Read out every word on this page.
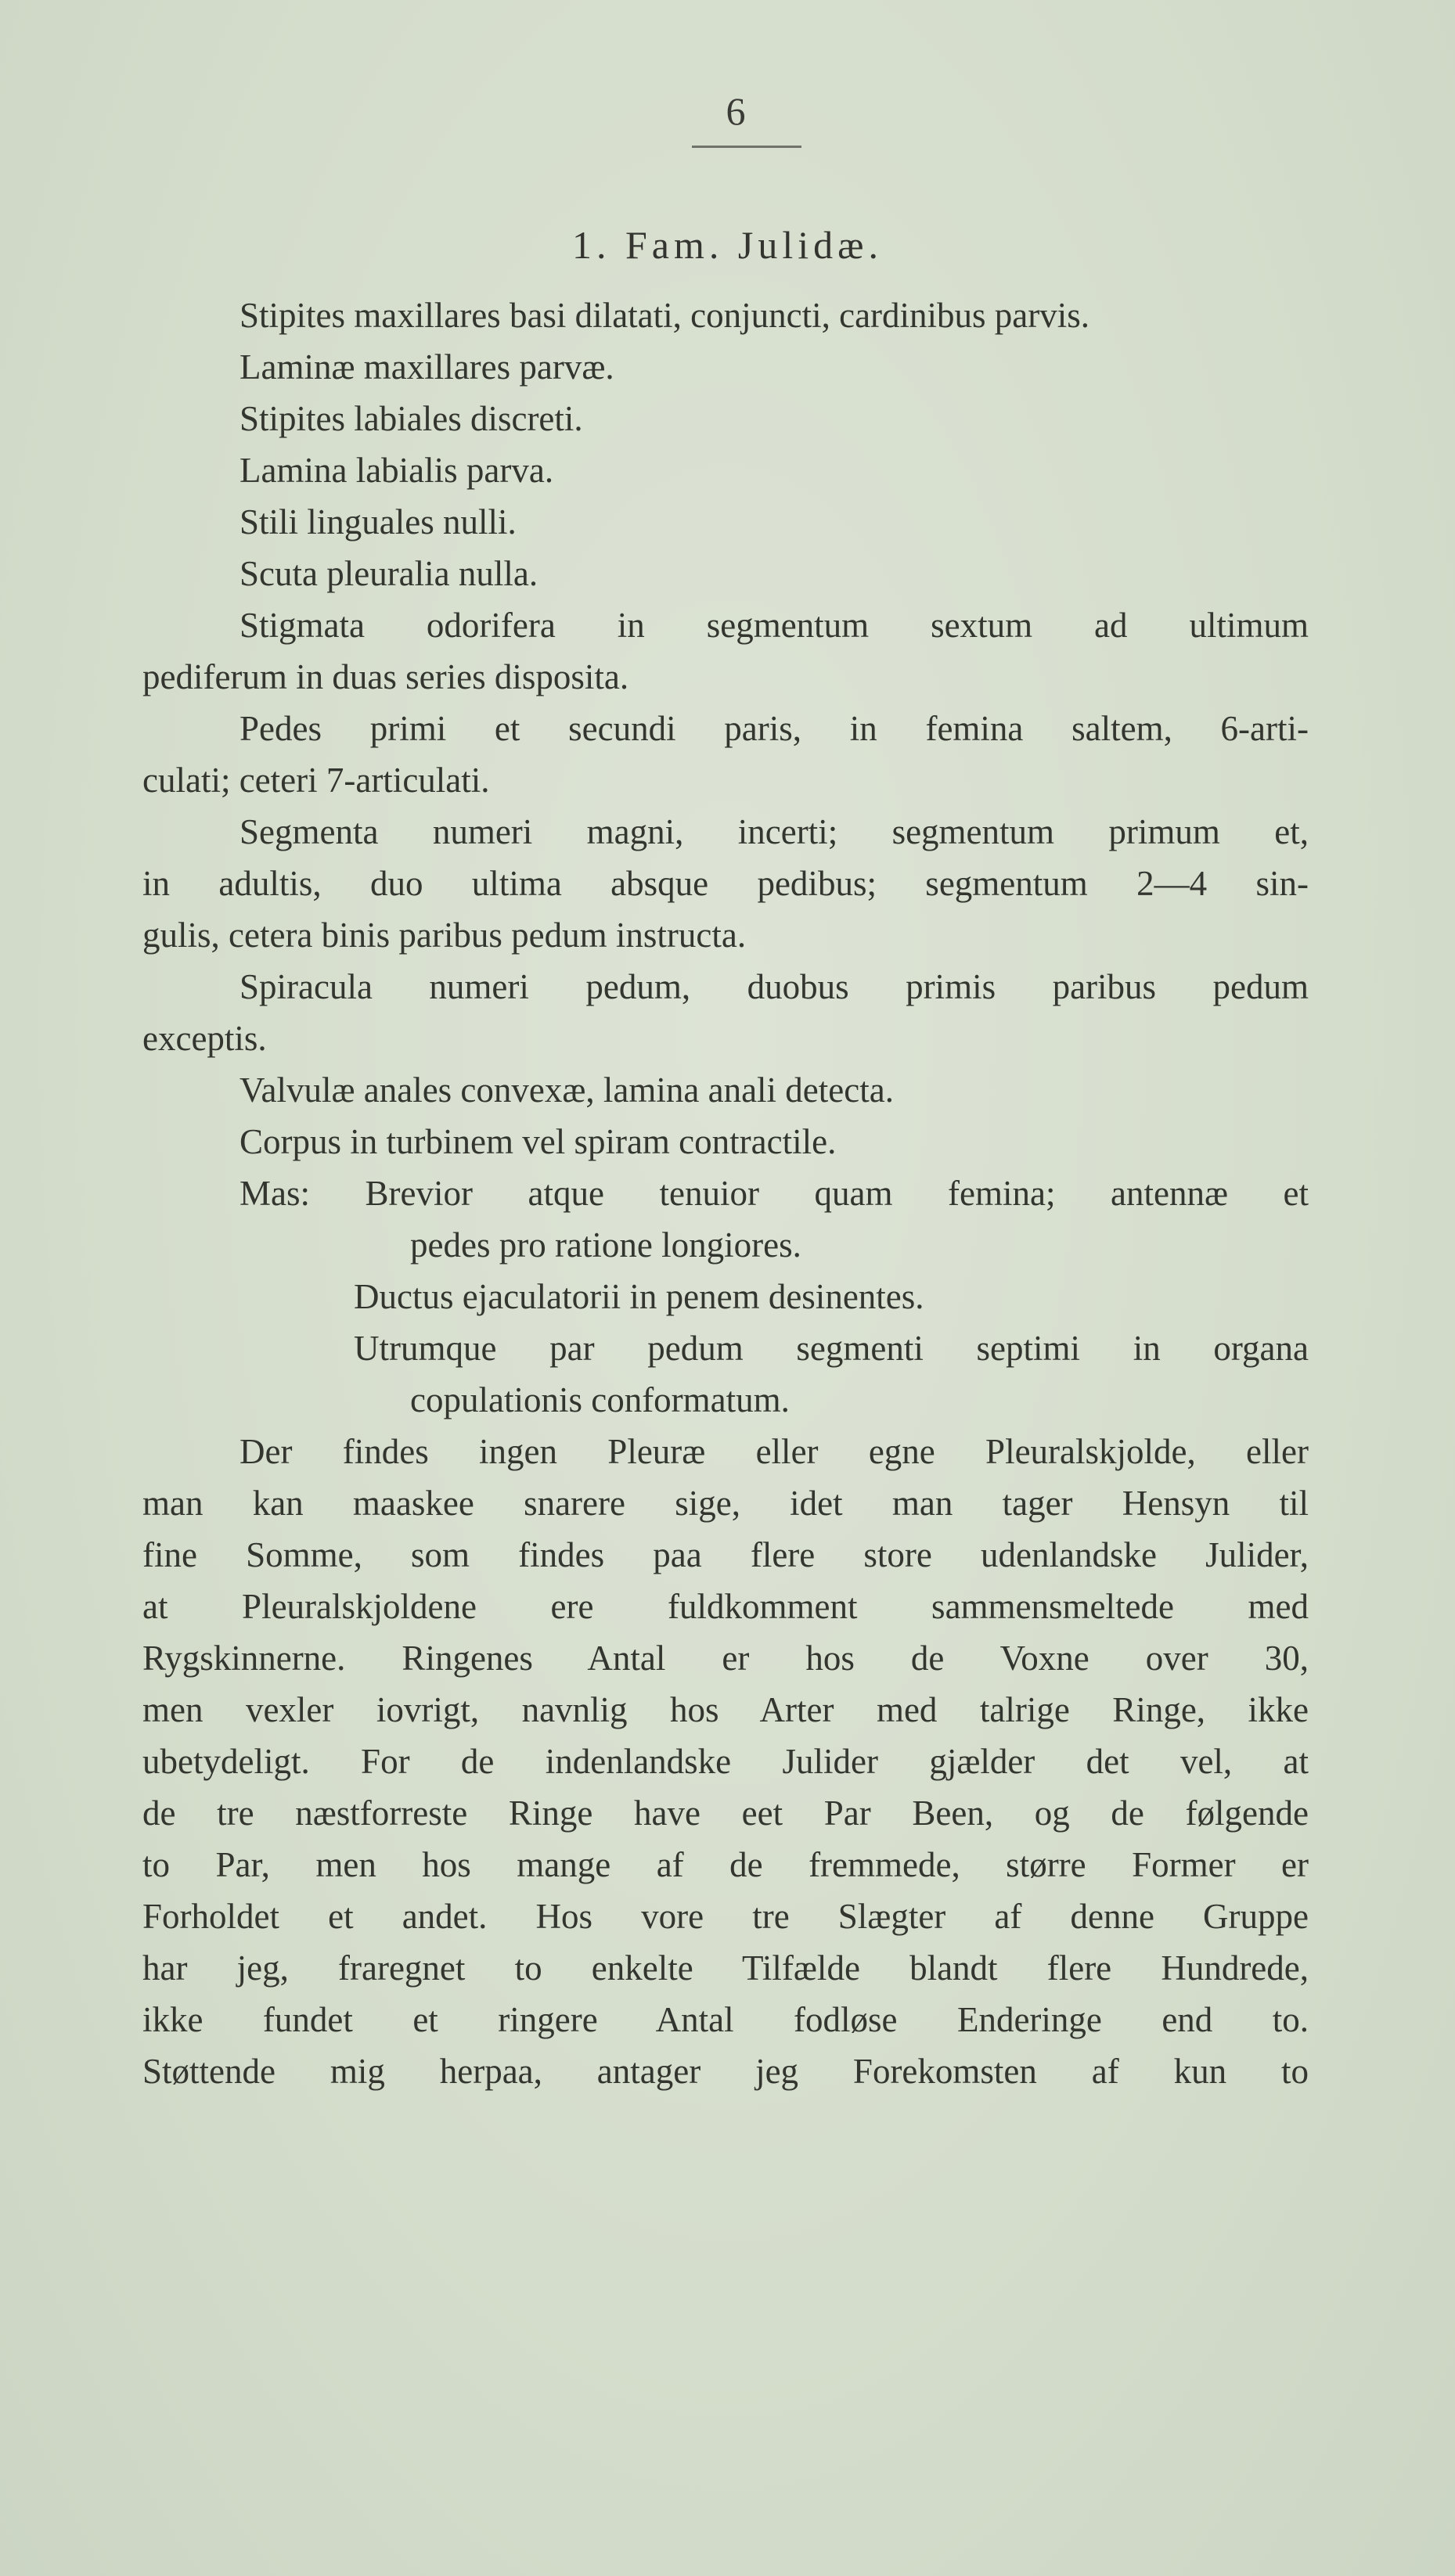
6
1. Fam. Julidæ.
Stipites maxillares basi dilatati, conjuncti, cardinibus parvis.
Laminæ maxillares parvæ.
Stipites labiales discreti.
Lamina labialis parva.
Stili linguales nulli.
Scuta pleuralia nulla.
Stigmata odorifera in segmentum sextum ad ultimum
pediferum in duas series disposita.
Pedes primi et secundi paris, in femina saltem, 6-arti-
culati; ceteri 7-articulati.
Segmenta numeri magni, incerti; segmentum primum et,
in adultis, duo ultima absque pedibus; segmentum 2—4 sin-
gulis, cetera binis paribus pedum instructa.
Spiracula numeri pedum, duobus primis paribus pedum
exceptis.
Valvulæ anales convexæ, lamina anali detecta.
Corpus in turbinem vel spiram contractile.
Mas: Brevior atque tenuior quam femina; antennæ et
pedes pro ratione longiores.
Ductus ejaculatorii in penem desinentes.
Utrumque par pedum segmenti septimi in organa
copulationis conformatum.
Der findes ingen Pleuræ eller egne Pleuralskjolde, eller
man kan maaskee snarere sige, idet man tager Hensyn til
fine Somme, som findes paa flere store udenlandske Julider,
at Pleuralskjoldene ere fuldkomment sammensmeltede med
Rygskinnerne. Ringenes Antal er hos de Voxne over 30,
men vexler iovrigt, navnlig hos Arter med talrige Ringe, ikke
ubetydeligt. For de indenlandske Julider gjælder det vel, at
de tre næstforreste Ringe have eet Par Been, og de følgende
to Par, men hos mange af de fremmede, større Former er
Forholdet et andet. Hos vore tre Slægter af denne Gruppe
har jeg, fraregnet to enkelte Tilfælde blandt flere Hundrede,
ikke fundet et ringere Antal fodløse Enderinge end to.
Støttende mig herpaa, antager jeg Forekomsten af kun to
